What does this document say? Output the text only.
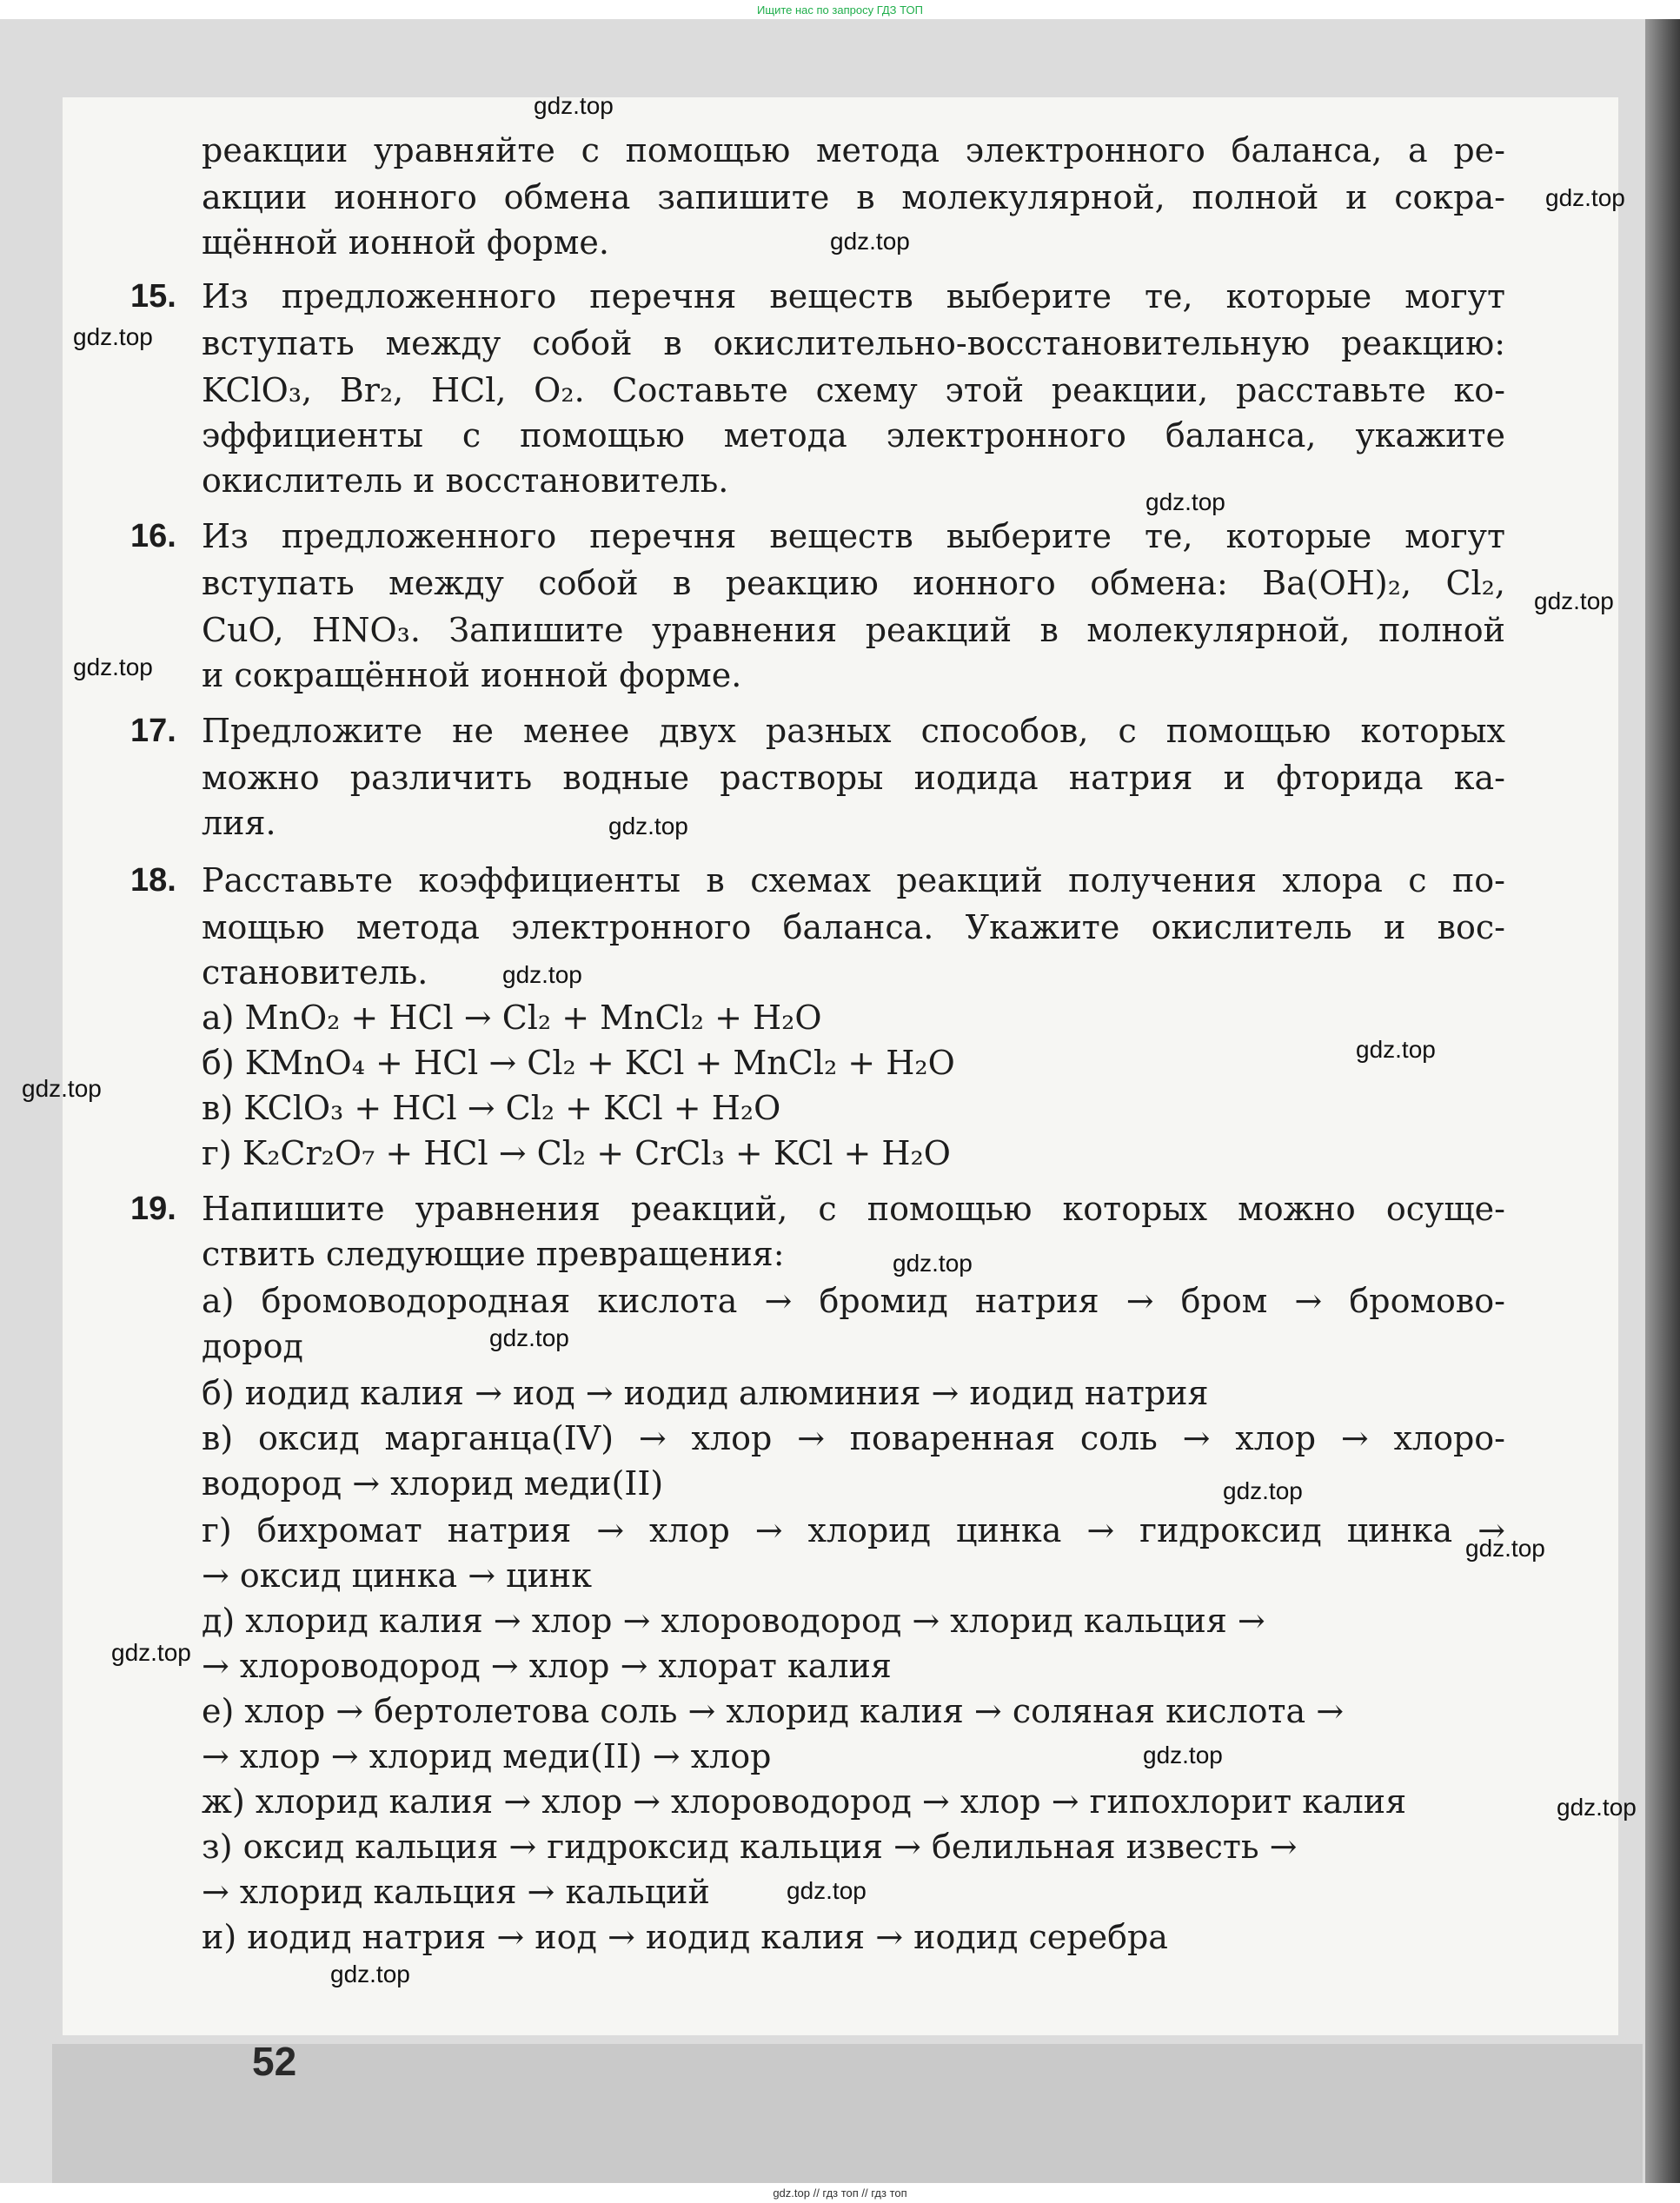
Ищите нас по запросу ГДЗ ТОП

реакции уравняйте с помощью метода электронного баланса, а ре-

акции ионного обмена запишите в молекулярной, полной и сокра-

щённой ионной форме.

15. Из предложенного перечня веществ выберите те, которые могут

вступать между собой в окислительно-восстановительную реакцию:

KClO₃, Br₂, HCl, O₂. Составьте схему этой реакции, расставьте ко-

эффициенты с помощью метода электронного баланса, укажите

окислитель и восстановитель.

16. Из предложенного перечня веществ выберите те, которые могут

вступать между собой в реакцию ионного обмена: Ba(OH)₂, Cl₂,

CuO, HNO₃. Запишите уравнения реакций в молекулярной, полной

и сокращённой ионной форме.

17. Предложите не менее двух разных способов, с помощью которых

можно различить водные растворы иодида натрия и фторида ка-

лия.

18. Расставьте коэффициенты в схемах реакций получения хлора с по-

мощью метода электронного баланса. Укажите окислитель и вос-

становитель.

а) MnO₂ + HCl → Cl₂ + MnCl₂ + H₂O

б) KMnO₄ + HCl → Cl₂ + KCl + MnCl₂ + H₂O

в) KClO₃ + HCl → Cl₂ + KCl + H₂O

г) K₂Cr₂O₇ + HCl → Cl₂ + CrCl₃ + KCl + H₂O

19. Напишите уравнения реакций, с помощью которых можно осуще-

ствить следующие превращения:

а) бромоводородная кислота → бромид натрия → бром → бромово-

дород

б) иодид калия → иод → иодид алюминия → иодид натрия

в) оксид марганца(IV) → хлор → поваренная соль → хлор → хлоро-

водород → хлорид меди(II)

г) бихромат натрия → хлор → хлорид цинка → гидроксид цинка →

→ оксид цинка → цинк

д) хлорид калия → хлор → хлороводород → хлорид кальция →

→ хлороводород → хлор → хлорат калия

е) хлор → бертолетова соль → хлорид калия → соляная кислота →

→ хлор → хлорид меди(II) → хлор

ж) хлорид калия → хлор → хлороводород → хлор → гипохлорит калия

з) оксид кальция → гидроксид кальция → белильная известь →

→ хлорид кальция → кальций

и) иодид натрия → иод → иодид калия → иодид серебра

52
gdz.top
gdz.top
gdz.top
gdz.top
gdz.top
gdz.top
gdz.top
gdz.top
gdz.top
gdz.top
gdz.top
gdz.top
gdz.top
gdz.top
gdz.top
gdz.top
gdz.top
gdz.top
gdz.top
gdz.top
gdz.top // гдз топ // гдз топ
